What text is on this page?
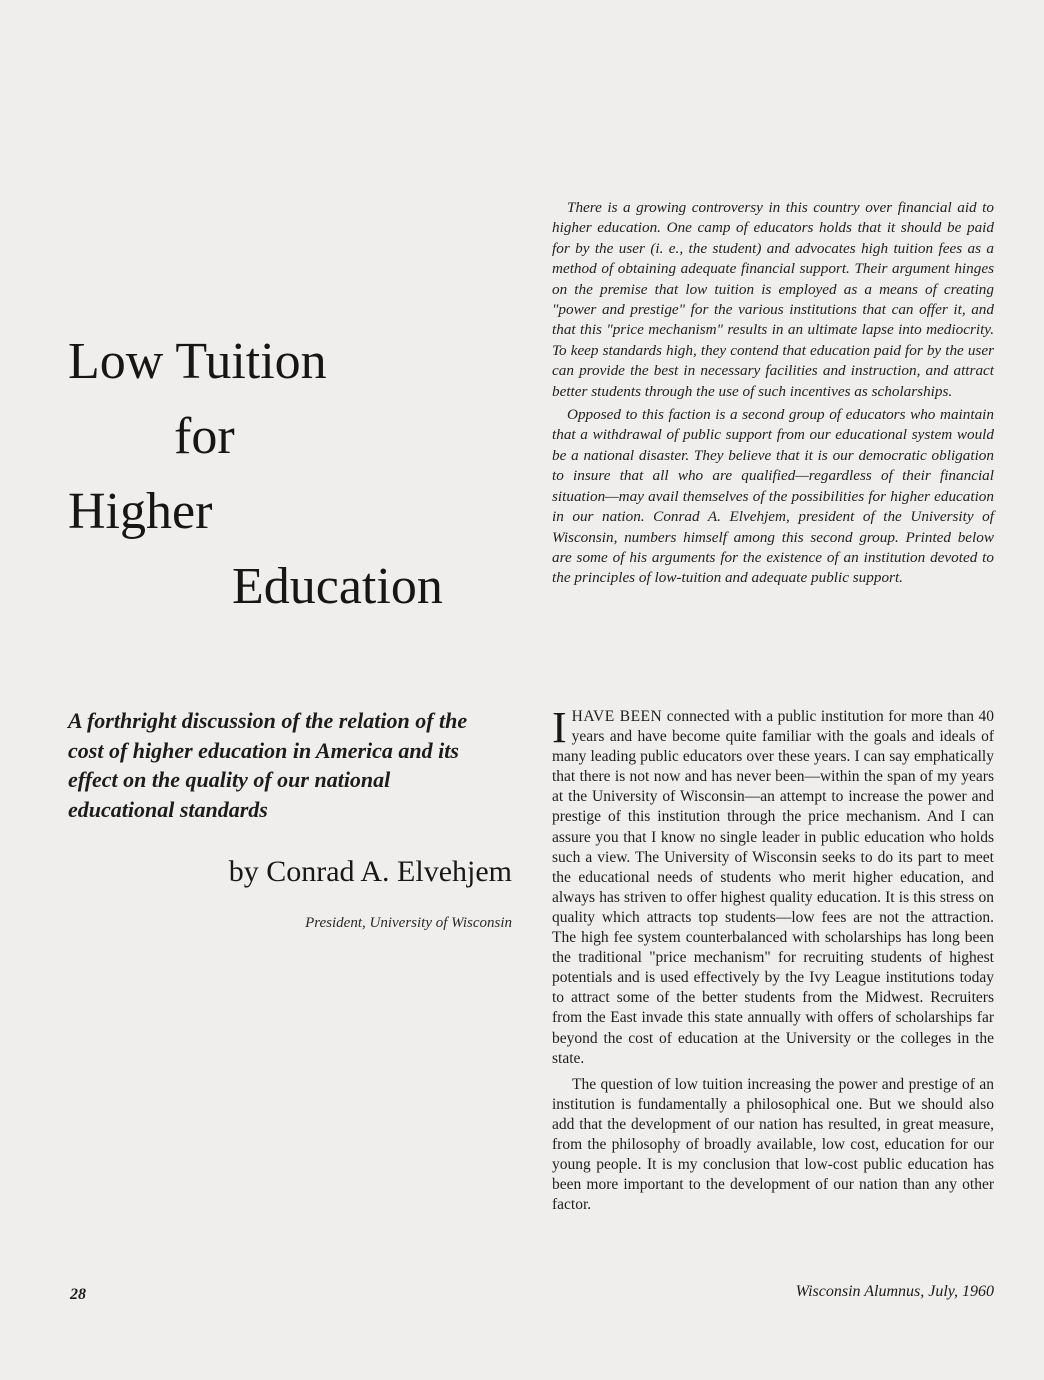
Low Tuition
for
Higher
Education

There is a growing controversy in this country over financial aid to higher education. One camp of educators holds that it should be paid for by the user (i. e., the student) and advocates high tuition fees as a method of obtaining adequate financial support. Their argument hinges on the premise that low tuition is employed as a means of creating "power and prestige" for the various institutions that can offer it, and that this "price mechanism" results in an ultimate lapse into mediocrity. To keep standards high, they contend that education paid for by the user can provide the best in necessary facilities and instruction, and attract better students through the use of such incentives as scholarships.

Opposed to this faction is a second group of educators who maintain that a withdrawal of public support from our educational system would be a national disaster. They believe that it is our democratic obligation to insure that all who are qualified—regardless of their financial situation—may avail themselves of the possibilities for higher education in our nation. Conrad A. Elvehjem, president of the University of Wisconsin, numbers himself among this second group. Printed below are some of his arguments for the existence of an institution devoted to the principles of low-tuition and adequate public support.

A forthright discussion of the relation of the cost of higher education in America and its effect on the quality of our national educational standards
by Conrad A. Elvehjem
President, University of Wisconsin

IHAVE BEEN connected with a public institution for more than 40 years and have become quite familiar with the goals and ideals of many leading public educators over these years. I can say emphatically that there is not now and has never been—within the span of my years at the University of Wisconsin—an attempt to increase the power and prestige of this institution through the price mechanism. And I can assure you that I know no single leader in public education who holds such a view. The University of Wisconsin seeks to do its part to meet the educational needs of students who merit higher education, and always has striven to offer highest quality education. It is this stress on quality which attracts top students—low fees are not the attraction. The high fee system counterbalanced with scholarships has long been the traditional "price mechanism" for recruiting students of highest potentials and is used effectively by the Ivy League institutions today to attract some of the better students from the Midwest. Recruiters from the East invade this state annually with offers of scholarships far beyond the cost of education at the University or the colleges in the state.

The question of low tuition increasing the power and prestige of an institution is fundamentally a philosophical one. But we should also add that the development of our nation has resulted, in great measure, from the philosophy of broadly available, low cost, education for our young people. It is my conclusion that low-cost public education has been more important to the development of our nation than any other factor.

28	Wisconsin Alumnus, July, 1960
